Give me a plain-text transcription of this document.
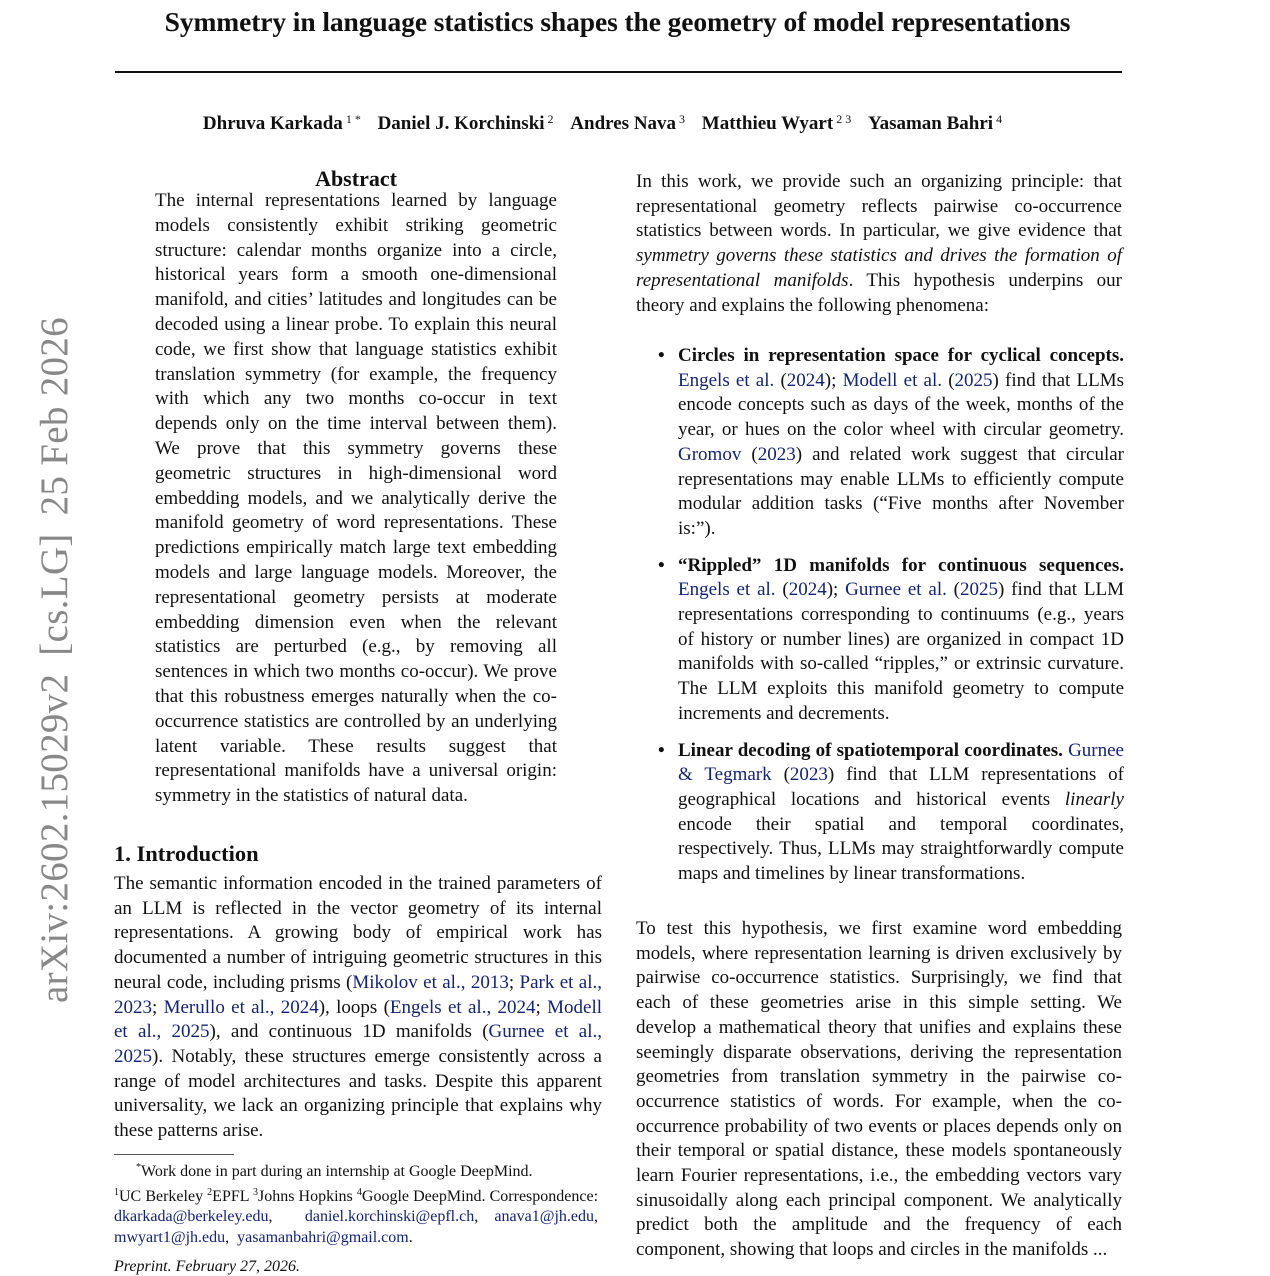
Symmetry in language statistics shapes the geometry of model representations
Dhruva Karkada $^{1 *}$ Daniel J. Korchinski $^2$ Andres Nava $^3$ Matthieu Wyart $^{2 3}$ Yasaman Bahri $^4$
arXiv:2602.15029v2[cs.LG]25 Feb 2026
Abstract
The internal representations learned by language models consistently exhibit striking geometric structure: calendar months organize into a circle, historical years form a smooth one-dimensional manifold, and cities’ latitudes and longitudes can be decoded using a linear probe. To explain this neural code, we first show that language statistics exhibit translation symmetry (for example, the frequency with which any two months co-occur in text depends only on the time interval between them). We prove that this symmetry governs these geometric structures in high-dimensional word embedding models, and we analytically derive the manifold geometry of word representations. These predictions empirically match large text embedding models and large language models. Moreover, the representational geometry persists at moderate embedding dimension even when the relevant statistics are perturbed (e.g., by removing all sentences in which two months co-occur). We prove that this robustness emerges naturally when the co-occurrence statistics are controlled by an underlying latent variable. These results suggest that representational manifolds have a universal origin: symmetry in the statistics of natural data.
1. Introduction
The semantic information encoded in the trained parameters of an LLM is reflected in the vector geometry of its internal representations. A growing body of empirical work has documented a number of intriguing geometric structures in this neural code, including prisms (Mikolov et al., 2013; Park et al., 2023; Merullo et al., 2024), loops (Engels et al., 2024; Modell et al., 2025), and continuous 1D manifolds (Gurnee et al., 2025). Notably, these structures emerge consistently across a range of model architectures and tasks. Despite this apparent universality, we lack an organizing principle that explains why these patterns arise.
*Work done in part during an internship at Google DeepMind.
$^1$UC Berkeley $^2$EPFL $^3$Johns Hopkins $^4$Google DeepMind. Correspondence:  dkarkada@berkeley.edu,  daniel.korchinski@epfl.ch, anava1@jh.edu,  mwyart1@jh.edu,  yasamanbahri@gmail.com.
Preprint. February 27, 2026.
In this work, we provide such an organizing principle: that representational geometry reflects pairwise co-occurrence statistics between words. In particular, we give evidence that symmetry governs these statistics and drives the formation of representational manifolds. This hypothesis underpins our theory and explains the following phenomena:
• Circles in representation space for cyclical concepts. Engels et al. (2024); Modell et al. (2025) find that LLMs encode concepts such as days of the week, months of the year, or hues on the color wheel with circular geometry. Gromov (2023) and related work suggest that circular representations may enable LLMs to efficiently compute modular addition tasks (“Five months after November is:”).
• “Rippled” 1D manifolds for continuous sequences. Engels et al. (2024); Gurnee et al. (2025) find that LLM representations corresponding to continuums (e.g., years of history or number lines) are organized in compact 1D manifolds with so-called “ripples,” or extrinsic curvature. The LLM exploits this manifold geometry to compute increments and decrements.
• Linear decoding of spatiotemporal coordinates. Gurnee & Tegmark (2023) find that LLM representations of geographical locations and historical events linearly encode their spatial and temporal coordinates, respectively. Thus, LLMs may straightforwardly compute maps and timelines by linear transformations.
To test this hypothesis, we first examine word embedding models, where representation learning is driven exclusively by pairwise co-occurrence statistics. Surprisingly, we find that each of these geometries arise in this simple setting. We develop a mathematical theory that unifies and explains these seemingly disparate observations, deriving the representation geometries from translation symmetry in the pairwise co-occurrence statistics of words. For example, when the co-occurrence probability of two events or places depends only on their temporal or spatial distance, these models spontaneously learn Fourier representations, i.e., the embedding vectors vary sinusoidally along each principal component. We analytically predict both the amplitude and the frequency of each component, showing that loops and circles in the manifolds ...
